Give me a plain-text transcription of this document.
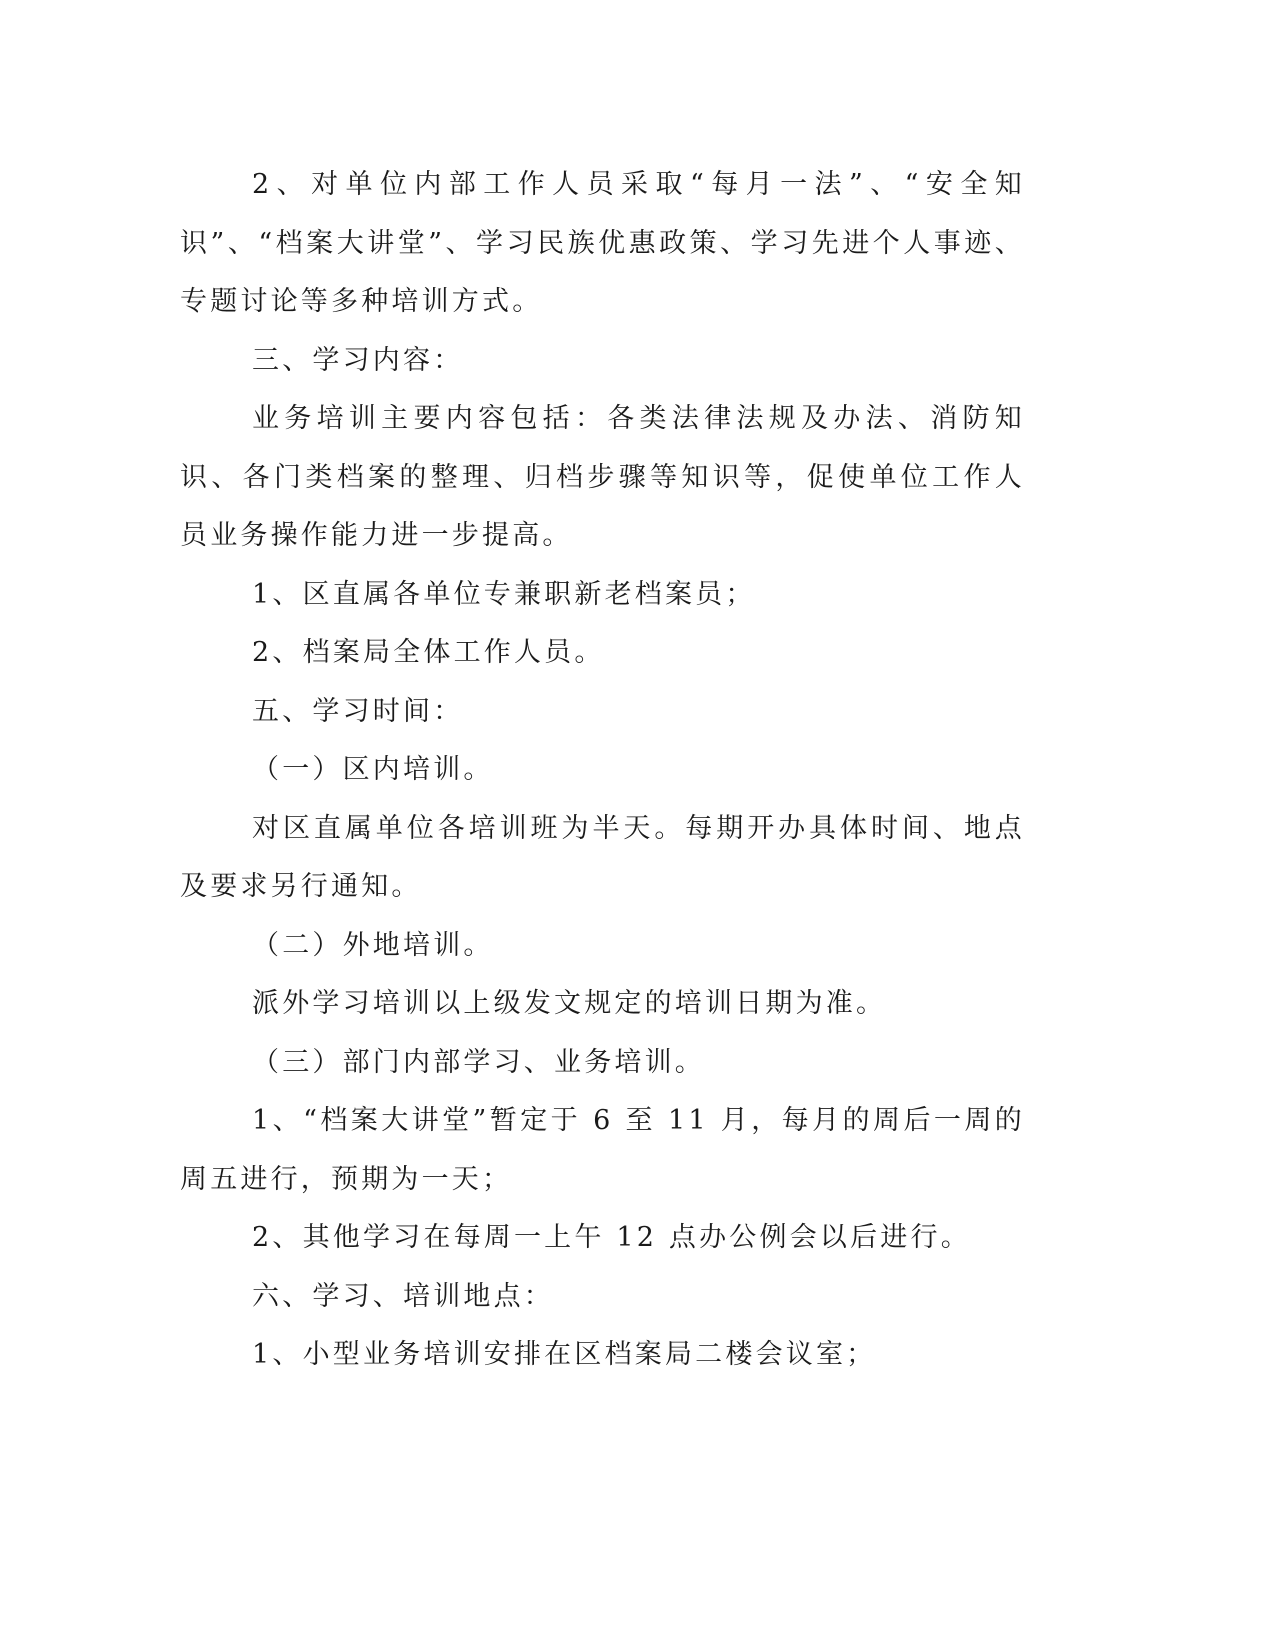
2、对单位内部工作人员采取“每月一法”、“安全知识”、“档案大讲堂”、学习民族优惠政策、学习先进个人事迹、专题讨论等多种培训方式。

三、学习内容：

业务培训主要内容包括：各类法律法规及办法、消防知识、各门类档案的整理、归档步骤等知识等，促使单位工作人员业务操作能力进一步提高。

1、区直属各单位专兼职新老档案员；

2、档案局全体工作人员。

五、学习时间：

（一）区内培训。

对区直属单位各培训班为半天。每期开办具体时间、地点及要求另行通知。

（二）外地培训。

派外学习培训以上级发文规定的培训日期为准。

（三）部门内部学习、业务培训。

1、“档案大讲堂”暂定于 6 至 11 月，每月的周后一周的周五进行，预期为一天；

2、其他学习在每周一上午 12 点办公例会以后进行。

六、学习、培训地点：

1、小型业务培训安排在区档案局二楼会议室；
